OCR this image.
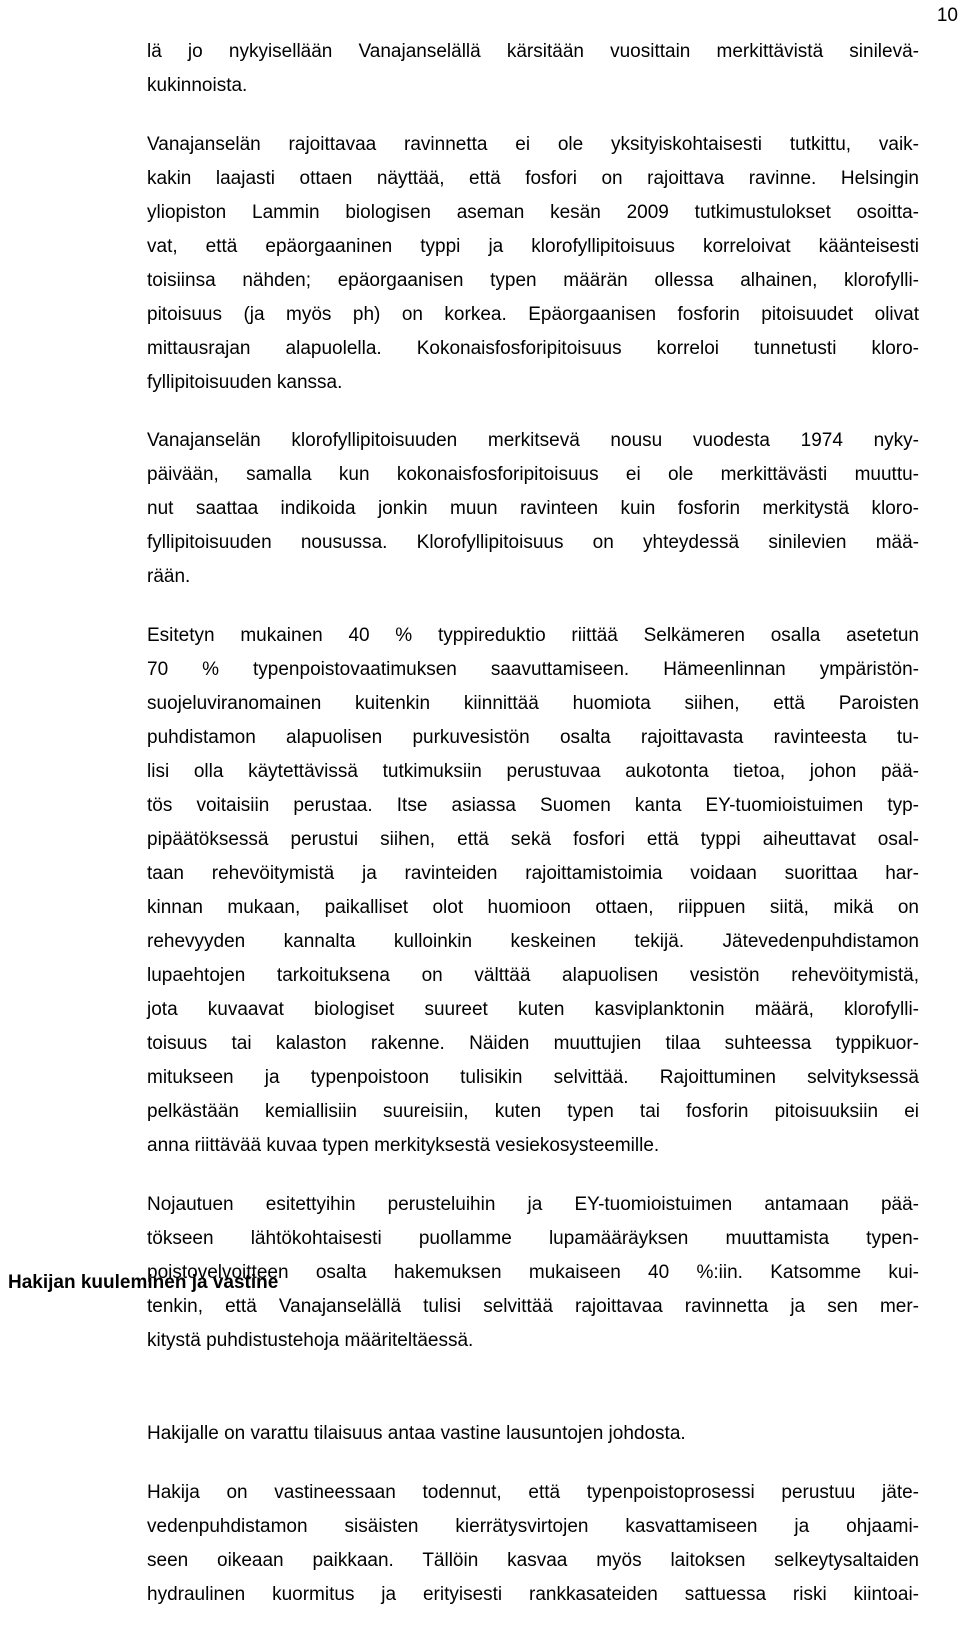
10
lä jo nykyisellään Vanajanselällä kärsitään vuosittain merkittävistä sinilevä-
kukinnoista.
Vanajanselän rajoittavaa ravinnetta ei ole yksityiskohtaisesti tutkittu, vaik-
kakin laajasti ottaen näyttää, että fosfori on rajoittava ravinne. Helsingin
yliopiston Lammin biologisen aseman kesän 2009 tutkimustulokset osoitta-
vat, että epäorgaaninen typpi ja klorofyllipitoisuus korreloivat käänteisesti
toisiinsa nähden; epäorgaanisen typen määrän ollessa alhainen, klorofylli-
pitoisuus (ja myös ph) on korkea. Epäorgaanisen fosforin pitoisuudet olivat
mittausrajan alapuolella. Kokonaisfosforipitoisuus korreloi tunnetusti kloro-
fyllipitoisuuden kanssa.
Vanajanselän klorofyllipitoisuuden merkitsevä nousu vuodesta 1974 nyky-
päivään, samalla kun kokonaisfosforipitoisuus ei ole merkittävästi muuttu-
nut saattaa indikoida jonkin muun ravinteen kuin fosforin merkitystä kloro-
fyllipitoisuuden nousussa. Klorofyllipitoisuus on yhteydessä sinilevien mää-
rään.
Esitetyn mukainen 40 % typpireduktio riittää Selkämeren osalla asetetun
70 % typenpoistovaatimuksen saavuttamiseen. Hämeenlinnan ympäristön-
suojeluviranomainen kuitenkin kiinnittää huomiota siihen, että Paroisten
puhdistamon alapuolisen purkuvesistön osalta rajoittavasta ravinteesta tu-
lisi olla käytettävissä tutkimuksiin perustuvaa aukotonta tietoa, johon pää-
tös voitaisiin perustaa. Itse asiassa Suomen kanta EY-tuomioistuimen typ-
pipäätöksessä perustui siihen, että sekä fosfori että typpi aiheuttavat osal-
taan rehevöitymistä ja ravinteiden rajoittamistoimia voidaan suorittaa har-
kinnan mukaan, paikalliset olot huomioon ottaen, riippuen siitä, mikä on
rehevyyden kannalta kulloinkin keskeinen tekijä. Jätevedenpuhdistamon
lupaehtojen tarkoituksena on välttää alapuolisen vesistön rehevöitymistä,
jota kuvaavat biologiset suureet kuten kasviplanktonin määrä, klorofylli-
toisuus tai kalaston rakenne. Näiden muuttujien tilaa suhteessa typpikuor-
mitukseen ja typenpoistoon tulisikin selvittää. Rajoittuminen selvityksessä
pelkästään kemiallisiin suureisiin, kuten typen tai fosforin pitoisuuksiin ei
anna riittävää kuvaa typen merkityksestä vesiekosysteemille.
Nojautuen esitettyihin perusteluihin ja EY-tuomioistuimen antamaan pää-
tökseen lähtökohtaisesti puollamme lupamääräyksen muuttamista typen-
poistovelvoitteen osalta hakemuksen mukaiseen 40 %:iin. Katsomme kui-
tenkin, että Vanajanselällä tulisi selvittää rajoittavaa ravinnetta ja sen mer-
kitystä puhdistustehoja määriteltäessä.
Hakijalle on varattu tilaisuus antaa vastine lausuntojen johdosta.
Hakija on vastineessaan todennut, että typenpoistoprosessi perustuu jäte-
vedenpuhdistamon sisäisten kierrätysvirtojen kasvattamiseen ja ohjaami-
seen oikeaan paikkaan. Tällöin kasvaa myös laitoksen selkeytysaltaiden
hydraulinen kuormitus ja erityisesti rankkasateiden sattuessa riski kiintoai-
Hakijan kuuleminen ja vastine
